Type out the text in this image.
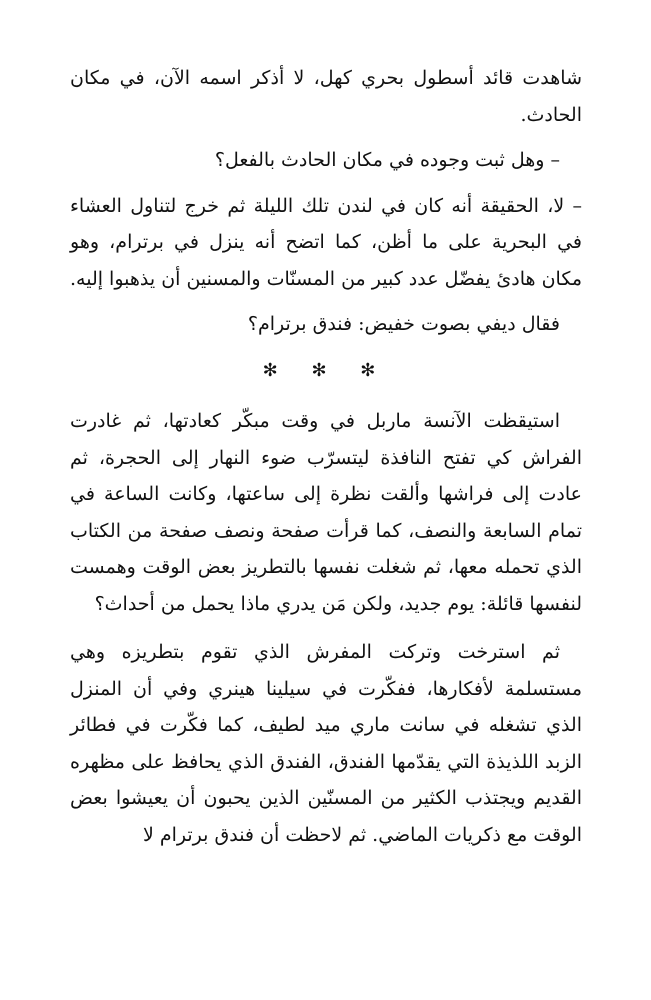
شاهدت قائد أسطول بحري كهل، لا أذكر اسمه الآن، في مكان الحادث.

– وهل ثبت وجوده في مكان الحادث بالفعل؟

– لا، الحقيقة أنه كان في لندن تلك الليلة ثم خرج لتناول العشاء في البحرية على ما أظن، كما اتضح أنه ينزل في برترام، وهو مكان هادئ يفضّل عدد كبير من المسنّات والمسنين أن يذهبوا إليه.

فقال ديفي بصوت خفيض: فندق برترام؟

✻ ✻ ✻

استيقظت الآنسة ماربل في وقت مبكّر كعادتها، ثم غادرت الفراش كي تفتح النافذة ليتسرّب ضوء النهار إلى الحجرة، ثم عادت إلى فراشها وألقت نظرة إلى ساعتها، وكانت الساعة في تمام السابعة والنصف، كما قرأت صفحة ونصف صفحة من الكتاب الذي تحمله معها، ثم شغلت نفسها بالتطريز بعض الوقت وهمست لنفسها قائلة: يوم جديد، ولكن مَن يدري ماذا يحمل من أحداث؟

ثم استرخت وتركت المفرش الذي تقوم بتطريزه وهي مستسلمة لأفكارها، ففكّرت في سيلينا هينري وفي أن المنزل الذي تشغله في سانت ماري ميد لطيف، كما فكّرت في فطائر الزبد اللذيذة التي يقدّمها الفندق، الفندق الذي يحافظ على مظهره القديم ويجتذب الكثير من المسنّين الذين يحبون أن يعيشوا بعض الوقت مع ذكريات الماضي. ثم لاحظت أن فندق برترام لا
